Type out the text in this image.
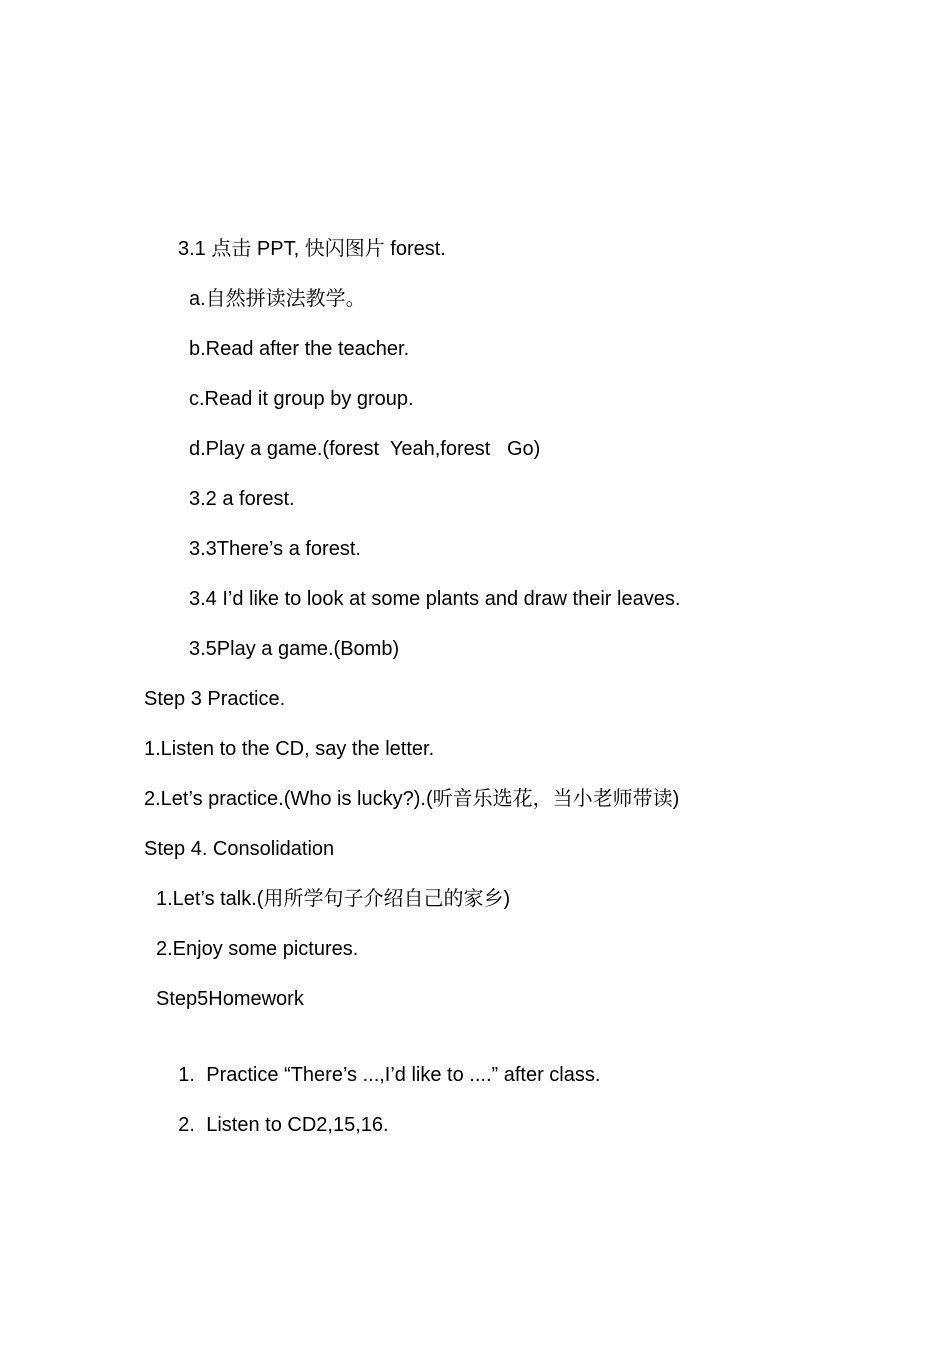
3.1 点击 PPT, 快闪图片 forest.
a.自然拼读法教学。
b.Read after the teacher.
c.Read it group by group.
d.Play a game.(forest  Yeah,forest   Go)
3.2 a forest.
3.3There’s a forest.
3.4 I’d like to look at some plants and draw their leaves.
3.5Play a game.(Bomb)
Step 3 Practice.
1.Listen to the CD, say the letter.
2.Let’s practice.(Who is lucky?).(听音乐选花，当小老师带读)
Step 4. Consolidation
1.Let’s talk.(用所学句子介绍自己的家乡)
2.Enjoy some pictures.
Step5Homework

1. Practice “There’s ...,I’d like to ....” after class.

2. Listen to CD2,15,16.
